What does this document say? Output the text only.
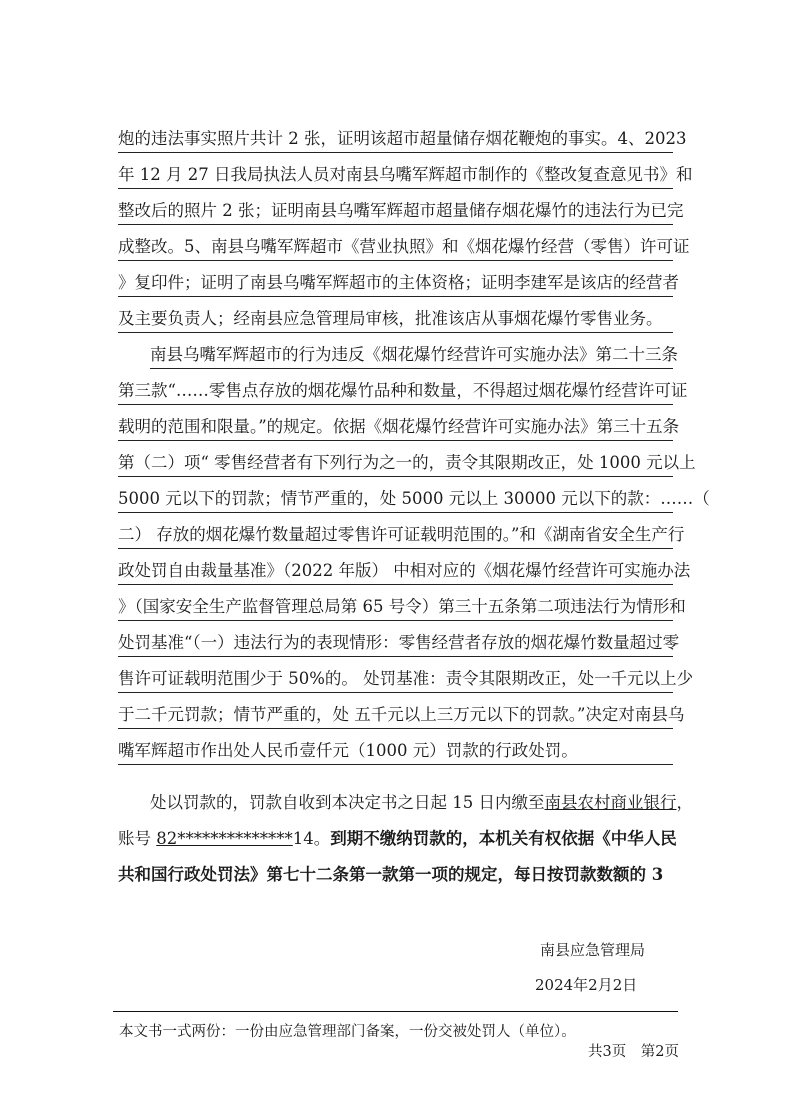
炮的违法事实照片共计 2 张，证明该超市超量储存烟花鞭炮的事实。4、2023
年 12 月 27 日我局执法人员对南县乌嘴军辉超市制作的《整改复查意见书》和
整改后的照片 2 张；证明南县乌嘴军辉超市超量储存烟花爆竹的违法行为已完
成整改。5、南县乌嘴军辉超市《营业执照》和《烟花爆竹经营（零售）许可证
》复印件；证明了南县乌嘴军辉超市的主体资格；证明李建军是该店的经营者
及主要负责人；经南县应急管理局审核，批准该店从事烟花爆竹零售业务。
南县乌嘴军辉超市的行为违反《烟花爆竹经营许可实施办法》第二十三条
第三款“……零售点存放的烟花爆竹品种和数量，不得超过烟花爆竹经营许可证
载明的范围和限量。”的规定。依据《烟花爆竹经营许可实施办法》第三十五条
第（二）项“ 零售经营者有下列行为之一的，责令其限期改正，处 1000 元以上
5000 元以下的罚款；情节严重的，处 5000 元以上 30000 元以下的款：……（
二） 存放的烟花爆竹数量超过零售许可证载明范围的。”和《湖南省安全生产行
政处罚自由裁量基准》（2022 年版） 中相对应的《烟花爆竹经营许可实施办法
》（国家安全生产监督管理总局第 65 号令）第三十五条第二项违法行为情形和
处罚基准“（一）违法行为的表现情形：零售经营者存放的烟花爆竹数量超过零
售许可证载明范围少于 50%的。 处罚基准：责令其限期改正，处一千元以上少
于二千元罚款；情节严重的，处 五千元以上三万元以下的罚款。”决定对南县乌
嘴军辉超市作出处人民币壹仟元（1000 元）罚款的行政处罚。
处以罚款的，罚款自收到本决定书之日起 15 日内缴至南县农村商业银行，
账号 82**************14。到期不缴纳罚款的，本机关有权依据《中华人民
共和国行政处罚法》第七十二条第一款第一项的规定，每日按罚款数额的 3
南县应急管理局
2024年2月2日
本文书一式两份：一份由应急管理部门备案，一份交被处罚人（单位）。
共3页　第2页
